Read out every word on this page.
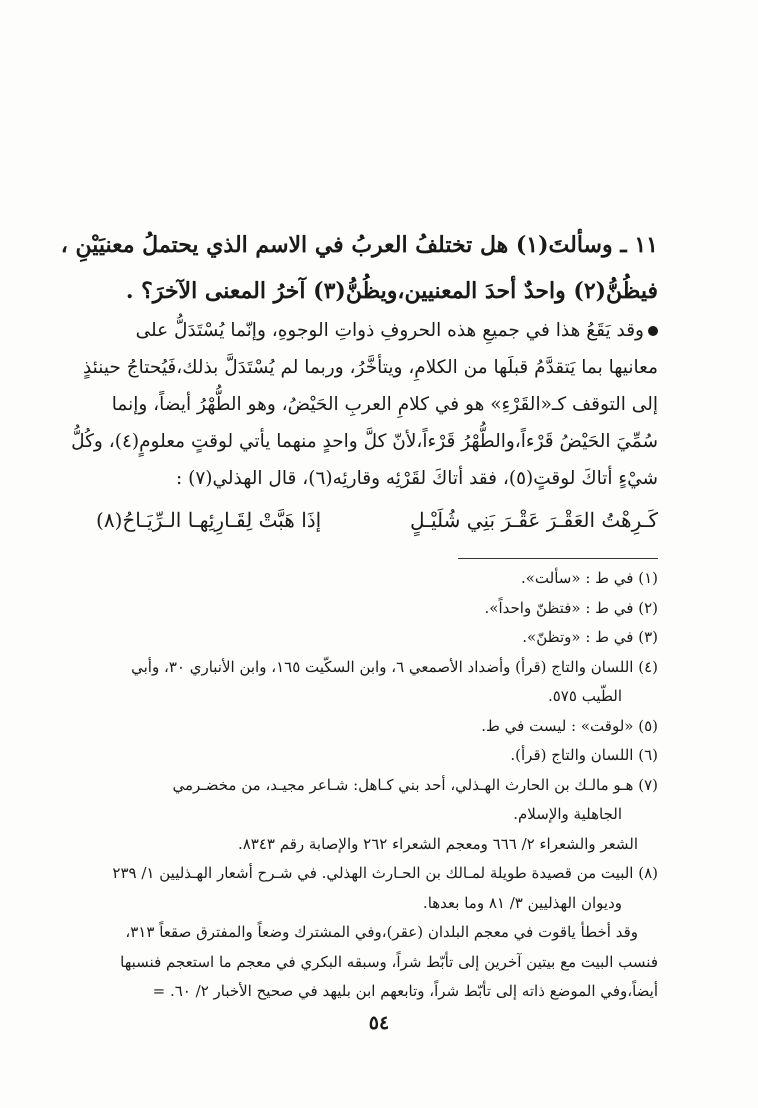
١١ ـ وسألتَ(١) هل تختلفُ العربُ في الاسم الذي يحتملُ معنيَيْنِ ،
فيظُنُّ(٢) واحدٌ أحدَ المعنيين،ويظُنُّ(٣) آخرُ المعنى الآخرَ؟ .
وقد يَقَعُ هذا في جميعِ هذه الحروفِ ذواتِ الوجوهِ، وإنّما يُسْتَدَلُّ على
معانيها بما يَتقدَّمُ قبلَها من الكلامِ، ويتأخَّرُ، وربما لم يُسْتَدَلَّ بذلك،فَيُحتاجُ حينئذٍ
إلى التوقف كـ«القَرْءِ» هو في كلامِ العربِ الحَيْضُ، وهو الطُّهْرُ أيضاً، وإنما
سُمِّيَ الحَيْضُ قَرْءاً،والطُّهْرُ قَرْءاً،لأنّ كلَّ واحدٍ منهما يأتي لوقتٍ معلومٍ(٤)، وكُلُّ
شيْءٍ أتاكَ لوقتٍ(٥)، فقد أتاكَ لقَرْئِه وقارئِه(٦)، قال الهذلي(٧) :
كَـرِهْتُ العَقْـرَ عَقْـرَ بَنِي شُلَيْـلٍ
إذَا هَبَّتْ لِقَـارِئِهـا الـرِّيَـاحُ(٨)
(١) في ط : «سألت».
(٢) في ط : «فتظنّ واحداً».
(٣) في ط : «وتظنّ».
(٤) اللسان والتاج (قرأ) وأضداد الأصمعي ٦، وابن السكّيت ١٦٥، وابن الأنباري ٣٠، وأبي
الطّيب ٥٧٥.
(٥) «لوقت» : ليست في ط.
(٦) اللسان والتاج (قرأ).
(٧) هـو مالـك بن الحارث الهـذلي، أحد بني كـاهل: شـاعر مجيـد، من مخضـرمي
الجاهلية والإسلام.
الشعر والشعراء ٢/ ٦٦٦ ومعجم الشعراء ٢٦٢ والإصابة رقم ٨٣٤٣.
(٨) البيت من قصيدة طويلة لمـالك بن الحـارث الهذلي. في شـرح أشعار الهـذليين ١/ ٢٣٩
وديوان الهذليين ٣/ ٨١ وما بعدها.
وقد أخطأ ياقوت في معجم البلدان (عقر)،وفي المشترك وضعاً والمفترق صقعاً ٣١٣،
فنسب البيت مع بيتين آخرين إلى تأبّط شراً، وسبقه البكري في معجم ما استعجم فنسبها
أيضاً،وفي الموضع ذاته إلى تأبّط شراً، وتابعهم ابن بليهد في صحيح الأخبار ٢/ ٦٠. =
٥٤
